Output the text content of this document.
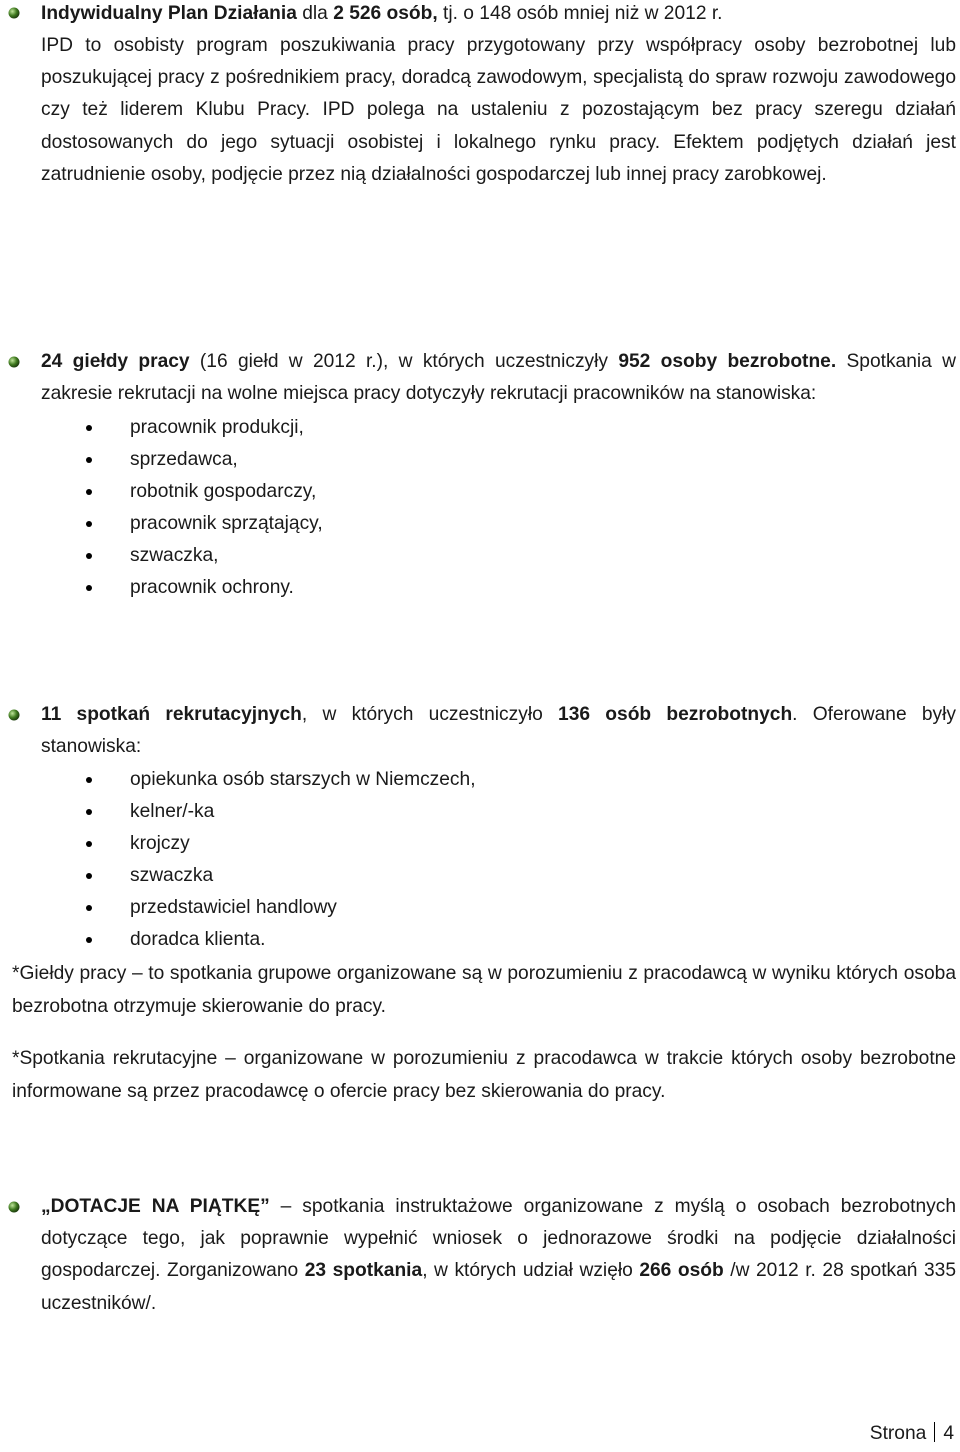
Indywidualny Plan Działania dla 2 526 osób, tj. o 148 osób mniej niż w 2012 r.
IPD to osobisty program poszukiwania pracy przygotowany przy współpracy osoby bezrobotnej lub poszukującej pracy z pośrednikiem pracy, doradcą zawodowym, specjalistą do spraw rozwoju zawodowego czy też liderem Klubu Pracy. IPD polega na ustaleniu z pozostającym bez pracy szeregu działań dostosowanych do jego sytuacji osobistej i lokalnego rynku pracy. Efektem podjętych działań jest zatrudnienie osoby, podjęcie przez nią działalności gospodarczej lub innej pracy zarobkowej.
24 giełdy pracy (16 giełd w 2012 r.), w których uczestniczyły 952 osoby bezrobotne. Spotkania w zakresie rekrutacji na wolne miejsca pracy dotyczyły rekrutacji pracowników na stanowiska:
pracownik produkcji,
sprzedawca,
robotnik gospodarczy,
pracownik sprzątający,
szwaczka,
pracownik ochrony.
11 spotkań rekrutacyjnych, w których uczestniczyło 136 osób bezrobotnych. Oferowane były stanowiska:
opiekunka osób starszych w Niemczech,
kelner/-ka
krojczy
szwaczka
przedstawiciel handlowy
doradca klienta.
*Giełdy pracy – to spotkania grupowe organizowane są w porozumieniu z pracodawcą w wyniku których osoba bezrobotna otrzymuje skierowanie do pracy.
*Spotkania rekrutacyjne – organizowane w porozumieniu z pracodawca w trakcie których osoby bezrobotne informowane są przez pracodawcę o ofercie pracy bez skierowania do pracy.
„DOTACJE NA PIĄTKĘ” – spotkania instruktażowe organizowane z myślą o osobach bezrobotnych dotyczące tego, jak poprawnie wypełnić wniosek o jednorazowe środki na podjęcie działalności gospodarczej. Zorganizowano 23 spotkania, w których udział wzięło 266 osób /w 2012 r. 28 spotkań 335 uczestników/.
Strona 4
